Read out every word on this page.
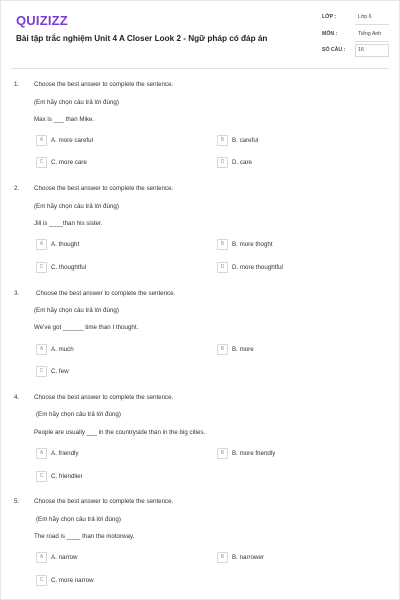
QUIZIZZ
Bài tập trắc nghiệm Unit 4 A Closer Look 2 - Ngữ pháp có đáp án
LỚP :	Lớp 6
MÔN :	Tiếng Anh
SỐ CÂU : 16
1. Choose the best answer to complete the sentence.
(Em hãy chọn câu trả lời đúng)
Max is ___ than Mike.
A	A. more careful	B	B. careful
C	C. more care	D	D. care
2. Choose the best answer to complete the sentence.
(Em hãy chọn câu trả lời đúng)
Jill is ____than his sister.
A	A. thought	B	B. more thoght
C	C. thoughtful	D	D. more thoughtful
3.	Choose the best answer to complete the sentence.
(Em hãy chọn câu trả lời đúng)
We've got ______ time than I thought.
A	A. much	B	B. more
C	C. few
4. Choose the best answer to complete the sentence.
(Em hãy chọn câu trả lời đúng)
People are usually ___ in the countryside than in the big cities.
A	A. friendly	B	B. more friendly
C	C. friendlier
5. Choose the best answer to complete the sentence.
(Em hãy chọn câu trả lời đúng)
The road is ____ than the motorway.
A	A. narrow	B	B. narrower
C	C. more narrow
